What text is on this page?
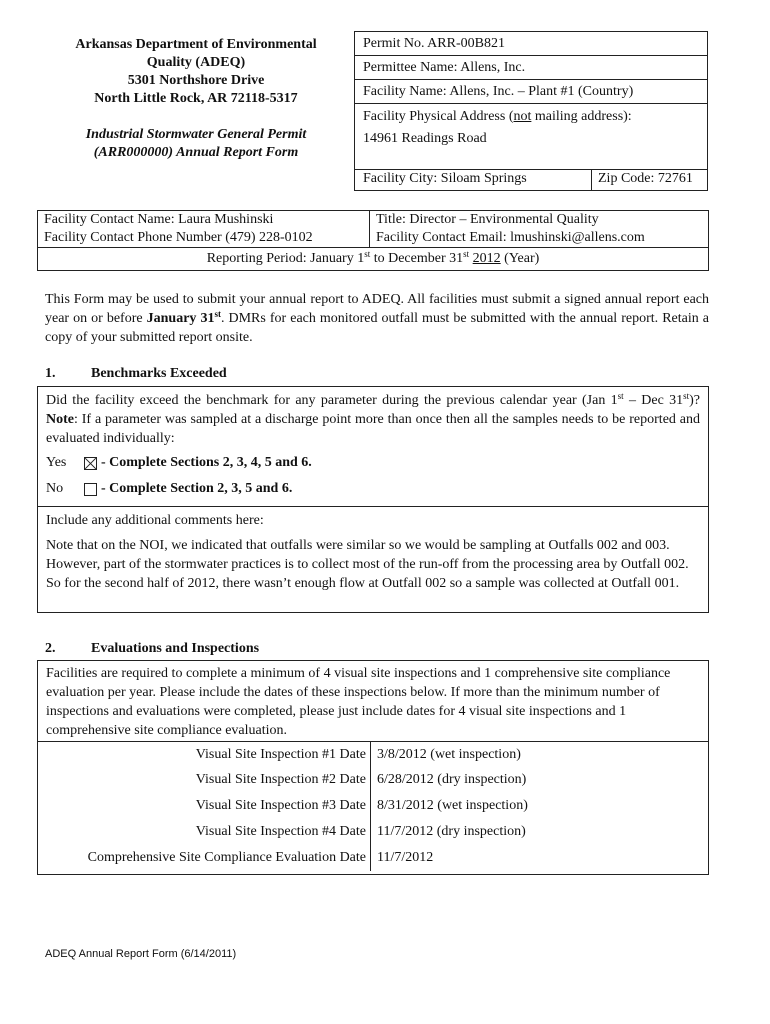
Arkansas Department of Environmental
Quality (ADEQ)
5301 Northshore Drive
North Little Rock, AR 72118-5317
Industrial Stormwater General Permit
(ARR000000) Annual Report Form
Permit No. ARR-00B821
Permittee Name: Allens, Inc.
Facility Name: Allens, Inc. – Plant #1 (Country)
Facility Physical Address (not mailing address):
14961 Readings Road
Facility City: Siloam Springs	Zip Code: 72761
Facility Contact Name: Laura Mushinski	Title: Director – Environmental Quality
Facility Contact Phone Number (479) 228-0102	Facility Contact Email: lmushinski@allens.com
Reporting Period: January 1st to December 31st 2012 (Year)
This Form may be used to submit your annual report to ADEQ. All facilities must submit a signed annual report each year on or before January 31st. DMRs for each monitored outfall must be submitted with the annual report. Retain a copy of your submitted report onsite.
1.	Benchmarks Exceeded
Did the facility exceed the benchmark for any parameter during the previous calendar year (Jan 1st – Dec 31st)? Note: If a parameter was sampled at a discharge point more than once then all the samples needs to be reported and evaluated individually:
Yes	- Complete Sections 2, 3, 4, 5 and 6.
No	- Complete Section 2, 3, 5 and 6.
Include any additional comments here:
Note that on the NOI, we indicated that outfalls were similar so we would be sampling at Outfalls 002 and 003. However, part of the stormwater practices is to collect most of the run-off from the processing area by Outfall 002. So for the second half of 2012, there wasn’t enough flow at Outfall 002 so a sample was collected at Outfall 001.
2.	Evaluations and Inspections
Facilities are required to complete a minimum of 4 visual site inspections and 1 comprehensive site compliance evaluation per year. Please include the dates of these inspections below. If more than the minimum number of inspections and evaluations were completed, please just include dates for 4 visual site inspections and 1 comprehensive site compliance evaluation.
Visual Site Inspection #1 Date 3/8/2012 (wet inspection)
Visual Site Inspection #2 Date 6/28/2012 (dry inspection)
Visual Site Inspection #3 Date 8/31/2012 (wet inspection)
Visual Site Inspection #4 Date 11/7/2012 (dry inspection)
Comprehensive Site Compliance Evaluation Date 11/7/2012
ADEQ Annual Report Form (6/14/2011)
